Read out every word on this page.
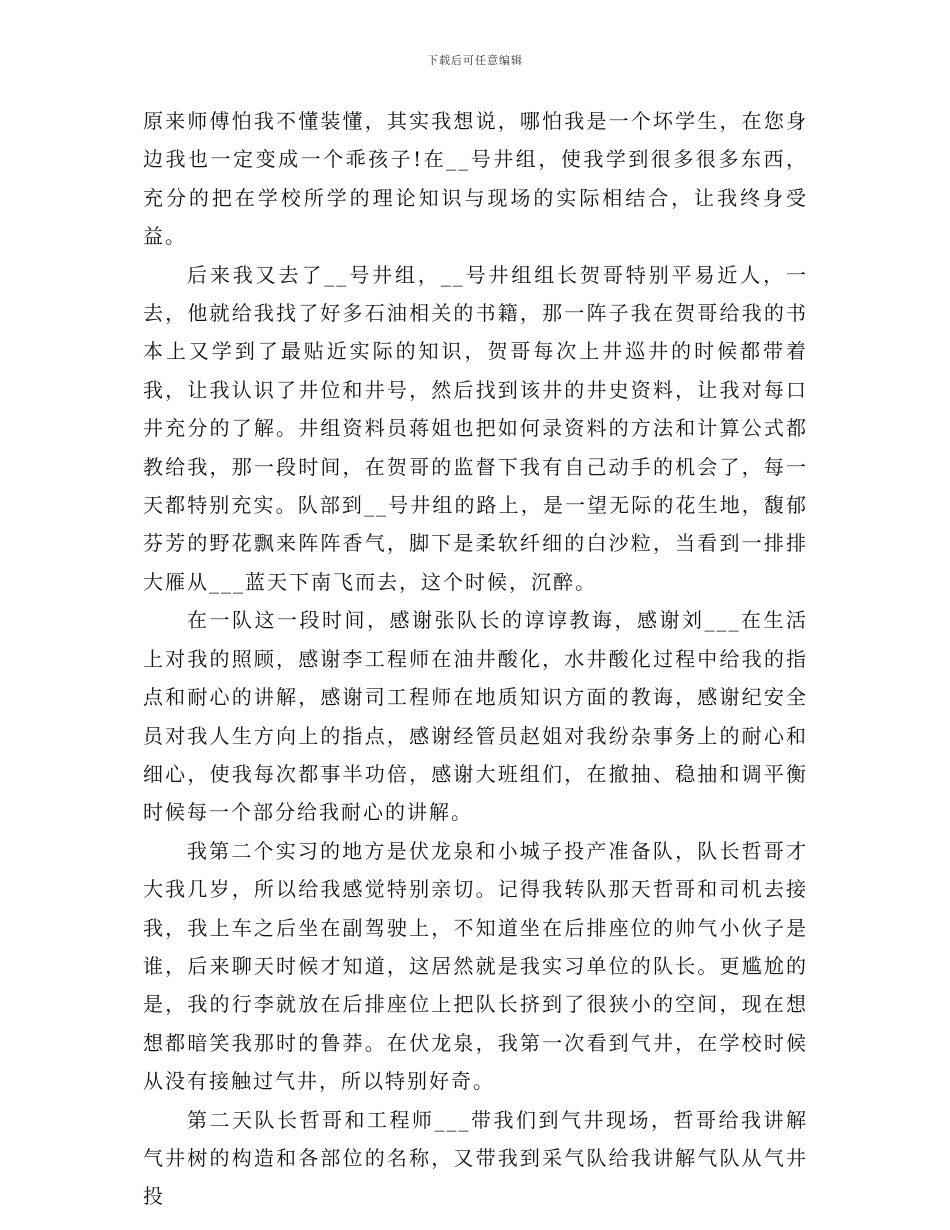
下载后可任意编辑

原来师傅怕我不懂装懂，其实我想说，哪怕我是一个坏学生，在您身边我也一定变成一个乖孩子!在__号井组，使我学到很多很多东西，充分的把在学校所学的理论知识与现场的实际相结合，让我终身受益。

后来我又去了__号井组，__号井组组长贺哥特别平易近人，一去，他就给我找了好多石油相关的书籍，那一阵子我在贺哥给我的书本上又学到了最贴近实际的知识，贺哥每次上井巡井的时候都带着我，让我认识了井位和井号，然后找到该井的井史资料，让我对每口井充分的了解。井组资料员蒋姐也把如何录资料的方法和计算公式都教给我，那一段时间，在贺哥的监督下我有自己动手的机会了，每一天都特别充实。队部到__号井组的路上，是一望无际的花生地，馥郁芬芳的野花飘来阵阵香气，脚下是柔软纤细的白沙粒，当看到一排排大雁从___蓝天下南飞而去，这个时候，沉醉。

在一队这一段时间，感谢张队长的谆谆教诲，感谢刘___在生活上对我的照顾，感谢李工程师在油井酸化，水井酸化过程中给我的指点和耐心的讲解，感谢司工程师在地质知识方面的教诲，感谢纪安全员对我人生方向上的指点，感谢经管员赵姐对我纷杂事务上的耐心和细心，使我每次都事半功倍，感谢大班组们，在撤抽、稳抽和调平衡时候每一个部分给我耐心的讲解。

我第二个实习的地方是伏龙泉和小城子投产准备队，队长哲哥才大我几岁，所以给我感觉特别亲切。记得我转队那天哲哥和司机去接我，我上车之后坐在副驾驶上，不知道坐在后排座位的帅气小伙子是谁，后来聊天时候才知道，这居然就是我实习单位的队长。更尴尬的是，我的行李就放在后排座位上把队长挤到了很狭小的空间，现在想想都暗笑我那时的鲁莽。在伏龙泉，我第一次看到气井，在学校时候从没有接触过气井，所以特别好奇。

第二天队长哲哥和工程师___带我们到气井现场，哲哥给我讲解气井树的构造和各部位的名称，又带我到采气队给我讲解气队从气井投
